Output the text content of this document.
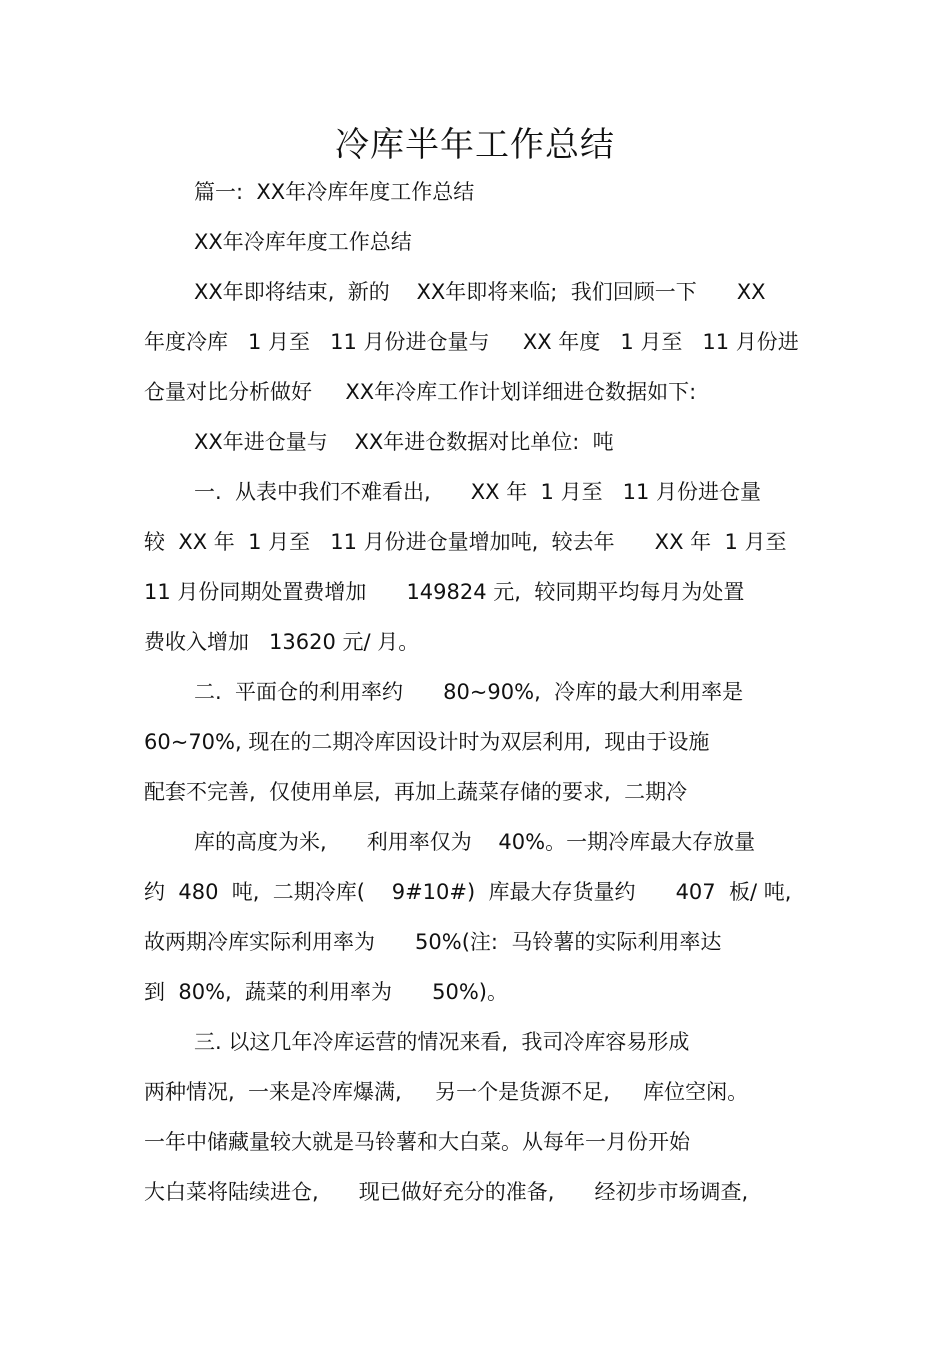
冷库半年工作总结
篇一:  XX年冷库年度工作总结
XX年冷库年度工作总结
XX年即将结束,  新的    XX年即将来临;  我们回顾一下      XX
年度冷库   1 月至   11 月份进仓量与     XX 年度   1 月至   11 月份进
仓量对比分析做好     XX年冷库工作计划详细进仓数据如下:
XX年进仓量与    XX年进仓数据对比单位:  吨
一.  从表中我们不难看出,      XX 年  1 月至   11 月份进仓量
较  XX 年  1 月至   11 月份进仓量增加吨,  较去年      XX 年  1 月至
11 月份同期处置费增加      149824 元,  较同期平均每月为处置
费收入增加   13620 元/ 月。
二.  平面仓的利用率约      80~90%,  冷库的最大利用率是
60~70%, 现在的二期冷库因设计时为双层利用,  现由于设施
配套不完善,  仅使用单层,  再加上蔬菜存储的要求,  二期冷
库的高度为米,      利用率仅为    40%。一期冷库最大存放量
约  480  吨,  二期冷库(    9#10#)  库最大存货量约      407  板/ 吨,
故两期冷库实际利用率为      50%(注:  马铃薯的实际利用率达
到  80%,  蔬菜的利用率为      50%)。
三. 以这几年冷库运营的情况来看,  我司冷库容易形成
两种情况,  一来是冷库爆满,     另一个是货源不足,     库位空闲。
一年中储藏量较大就是马铃薯和大白菜。从每年一月份开始
大白菜将陆续进仓,      现已做好充分的准备,      经初步市场调查,
